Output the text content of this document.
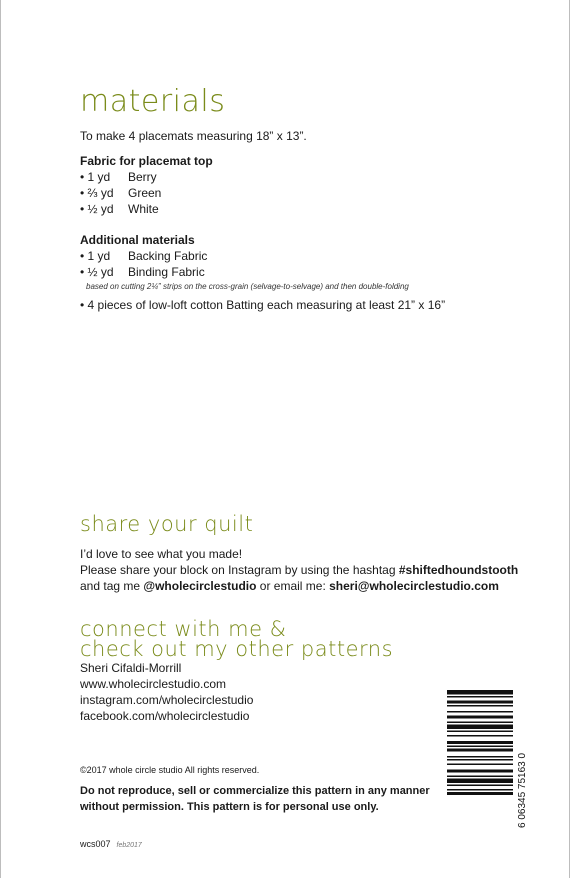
materials
To make 4 placemats measuring 18” x 13”.
Fabric for placemat top
• 1 yd	Berry
• ⅔ yd	Green
• ½ yd	White
Additional materials
• 1 yd	Backing Fabric
• ½ yd	Binding Fabric
based on cutting 2¼” strips on the cross-grain (selvage-to-selvage) and then double-folding
• 4 pieces of low-loft cotton Batting each measuring at least 21” x 16”
share your quilt
I’d love to see what you made!
Please share your block on Instagram by using the hashtag #shiftedhoundstooth
and tag me @wholecirclestudio or email me: sheri@wholecirclestudio.com
connect with me &
check out my other patterns
Sheri Cifaldi-Morrill
www.wholecirclestudio.com
instagram.com/wholecirclestudio
facebook.com/wholecirclestudio
©2017 whole circle studio All rights reserved.
Do not reproduce, sell or commercialize this pattern in any manner without permission. This pattern is for personal use only.
wcs007 feb2017
6 06345 75163 0
